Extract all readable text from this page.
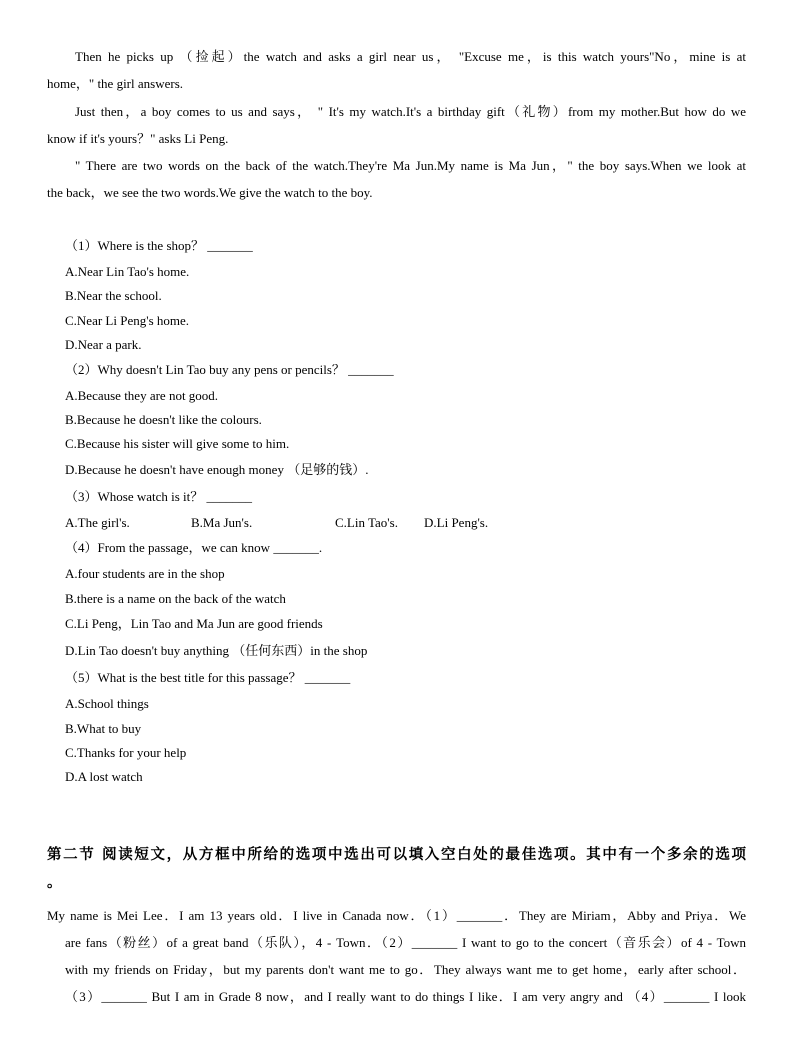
Then he picks up （捡起）the watch and asks a girl near us， "Excuse me，is this watch yours"No，mine is at
home，" the girl answers.
Just then，a boy comes to us and says， " It's my watch.It's a birthday gift（礼物）from my mother.But how do we
know if it's yours？" asks Li Peng.
" There are two words on the back of the watch.They're Ma Jun.My name is Ma Jun，" the boy says.When we look at
the back，we see the two words.We give the watch to the boy.
（1）Where is the shop？ _______
A.Near Lin Tao's home.
B.Near the school.
C.Near Li Peng's home.
D.Near a park.
（2）Why doesn't Lin Tao buy any pens or pencils？ _______
A.Because they are not good.
B.Because he doesn't like the colours.
C.Because his sister will give some to him.
D.Because he doesn't have enough money （足够的钱）.
（3）Whose watch is it？ _______
A.The girl's.	B.Ma Jun's.	C.Lin Tao's. D.Li Peng's.
（4）From the passage，we can know _______.
A.four students are in the shop
B.there is a name on the back of the watch
C.Li Peng，Lin Tao and Ma Jun are good friends
D.Lin Tao doesn't buy anything （任何东西）in the shop
（5）What is the best title for this passage？ _______
A.School things
B.What to buy
C.Thanks for your help
D.A lost watch
第二节 阅读短文，从方框中所给的选项中选出可以填入空白处的最佳选项。其中有一个多余的选项
。
My name is Mei Lee．I am 13 years old．I live in Canada now．（1）_______．They are Miriam，Abby and Priya．We
are fans（粉丝）of a great band（乐队），4 - Town．（2）_______ I want to go to the concert（音乐会）of 4 - Town
with my friends on Friday，but my parents don't want me to go．They always want me to get home，early after school．
（3）_______ But I am in Grade 8 now，and I really want to do things I like．I am very angry and （4）_______ I look
